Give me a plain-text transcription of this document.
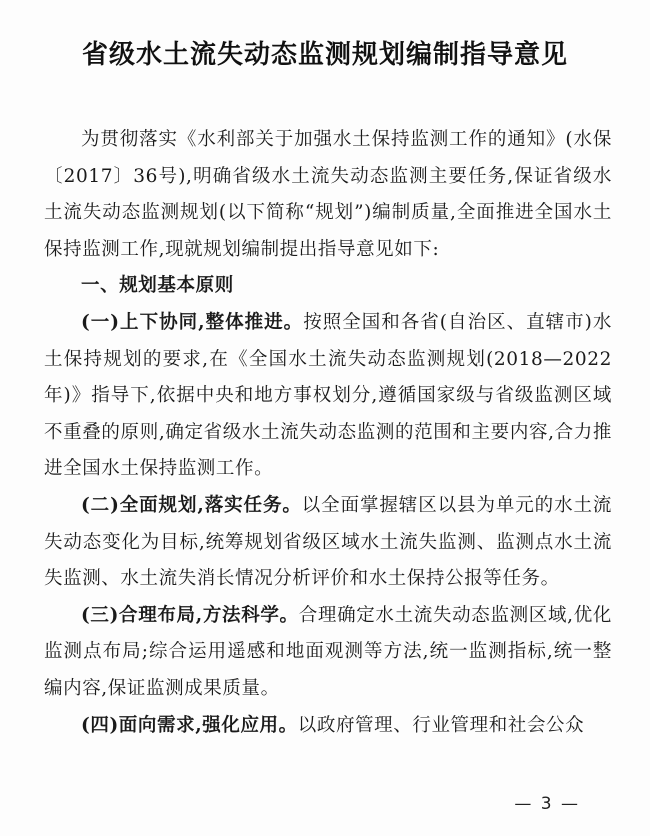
省级水土流失动态监测规划编制指导意见

为贯彻落实《水利部关于加强水土保持监测工作的通知》(水保〔2017〕36号),明确省级水土流失动态监测主要任务,保证省级水土流失动态监测规划(以下简称“规划”)编制质量,全面推进全国水土保持监测工作,现就规划编制提出指导意见如下:

一、规划基本原则

(一)上下协同,整体推进。按照全国和各省(自治区、直辖市)水土保持规划的要求,在《全国水土流失动态监测规划(2018—2022年)》指导下,依据中央和地方事权划分,遵循国家级与省级监测区域不重叠的原则,确定省级水土流失动态监测的范围和主要内容,合力推进全国水土保持监测工作。

(二)全面规划,落实任务。以全面掌握辖区以县为单元的水土流失动态变化为目标,统筹规划省级区域水土流失监测、监测点水土流失监测、水土流失消长情况分析评价和水土保持公报等任务。

(三)合理布局,方法科学。合理确定水土流失动态监测区域,优化监测点布局;综合运用遥感和地面观测等方法,统一监测指标,统一整编内容,保证监测成果质量。

(四)面向需求,强化应用。以政府管理、行业管理和社会公众

— 3 —
